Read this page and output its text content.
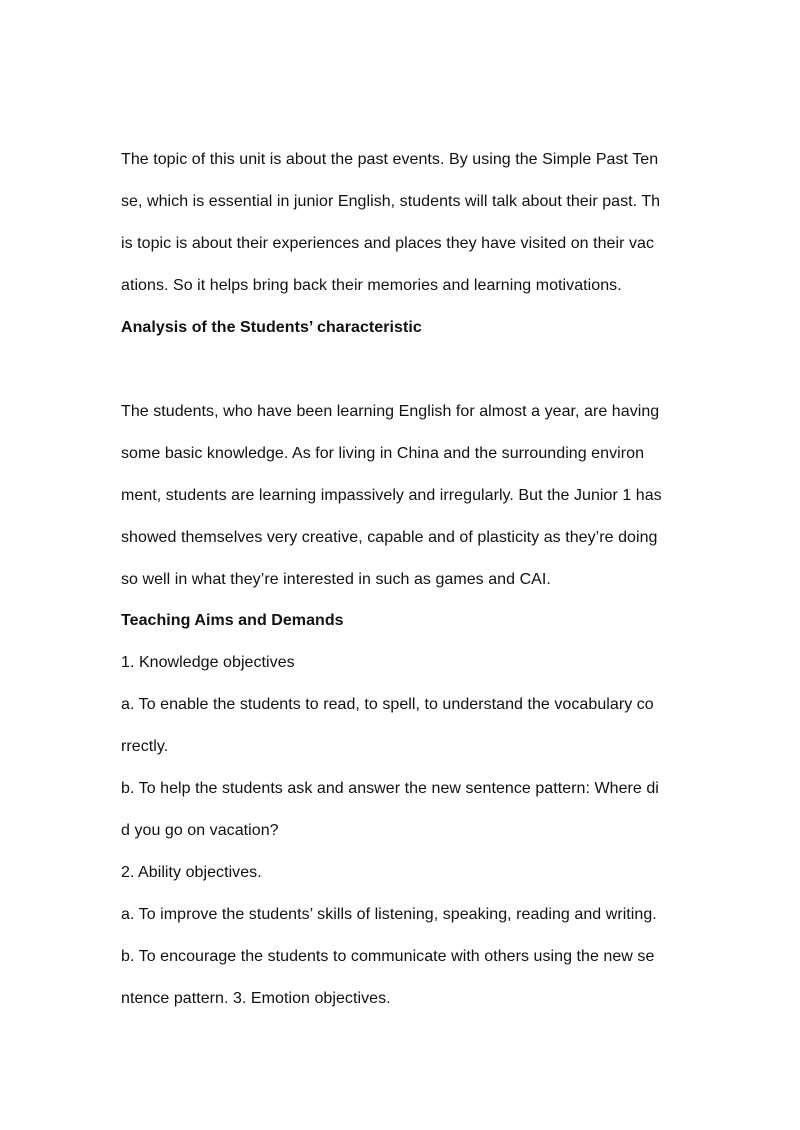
The topic of this unit is about the past events. By using the Simple Past Ten
se, which is essential in junior English, students will talk about their past. Th
is topic is about their experiences and places they have visited on their vac
ations. So it helps bring back their memories and learning motivations.
Analysis of the Students’ characteristic
The students, who have been learning English for almost a year, are having
some basic knowledge. As for living in China and the surrounding environ
ment, students are learning impassively and irregularly. But the Junior 1 has
showed themselves very creative, capable and of plasticity as they’re doing
so well in what they’re interested in such as games and CAI.
Teaching Aims and Demands
1. Knowledge objectives
a. To enable the students to read, to spell, to understand the vocabulary co
rrectly.
b. To help the students ask and answer the new sentence pattern: Where di
d you go on vacation?
2. Ability objectives.
a. To improve the students’ skills of listening, speaking, reading and writing.
b. To encourage the students to communicate with others using the new se
ntence pattern. 3. Emotion objectives.
